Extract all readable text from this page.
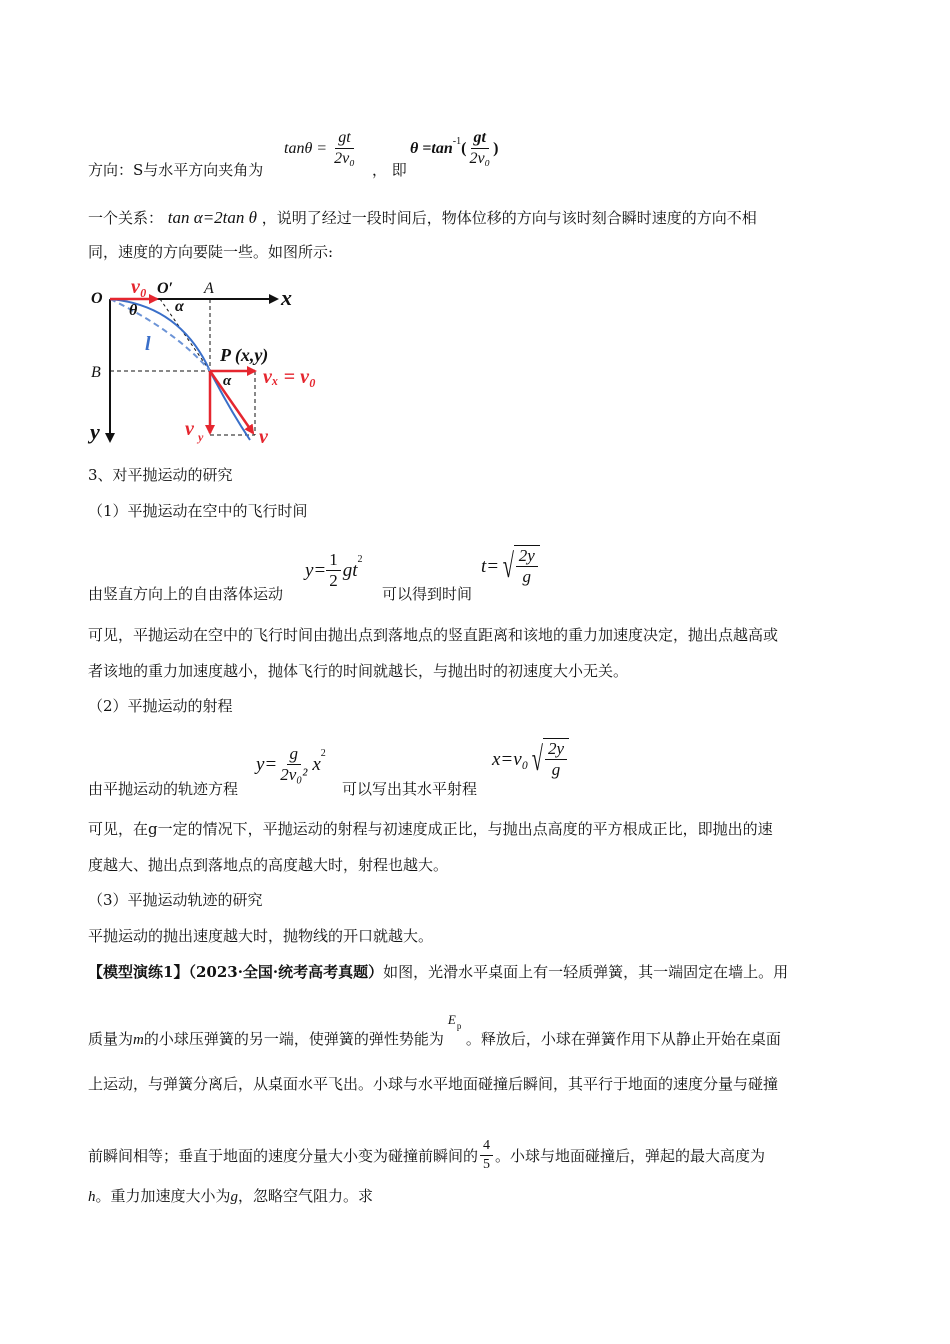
方向：S与水平方向夹角为
$\tan\theta = \frac{gt}{\text{2v₀}}$
， 即
$\theta =\tan^{-1}$ ( $\frac{gt}{\text{2v₀}}$ )
一个关系： tan α=2tan θ ，说明了经过一段时间后，物体位移的方向与该时刻合瞬时速度的方向不相
同，速度的方向要陡一些。如图所示:
O
v₀ O′ A	x
θ α
l	P (x,y)
B	α vₓ = v₀
y	v y	v
3、对平抛运动的研究
（1）平抛运动在空中的飞行时间
由竖直方向上的自由落体运动
$y= \frac{1}{2} gt^2$
可以得到时间
t= √ $\frac{2y}{g}$
可见，平抛运动在空中的飞行时间由抛出点到落地点的竖直距离和该地的重力加速度决定，抛出点越高或
者该地的重力加速度越小，抛体飞行的时间就越长，与抛出时的初速度大小无关。
（2）平抛运动的射程
由平抛运动的轨迹方程
$y= \frac{g}{\text{2v₀²}} x^2$
可以写出其水平射程
x=v₀ √ $\frac{2y}{g}$
可见，在g一定的情况下，平抛运动的射程与初速度成正比，与抛出点高度的平方根成正比，即抛出的速
度越大、抛出点到落地点的高度越大时，射程也越大。
（3）平抛运动轨迹的研究
平抛运动的抛出速度越大时，抛物线的开口就越大。
【模型演练1】（2023·全国·统考高考真题）如图，光滑水平桌面上有一轻质弹簧，其一端固定在墙上。用
质量为m的小球压弹簧的另一端，使弹簧的弹性势能为
E p
。释放后，小球在弹簧作用下从静止开始在桌面
上运动，与弹簧分离后，从桌面水平飞出。小球与水平地面碰撞后瞬间，其平行于地面的速度分量与碰撞
前瞬间相等；垂直于地面的速度分量大小变为碰撞前瞬间的 $\frac{4}{5}$ 。小球与地面碰撞后，弹起的最大高度为
h。重力加速度大小为g，忽略空气阻力。求
